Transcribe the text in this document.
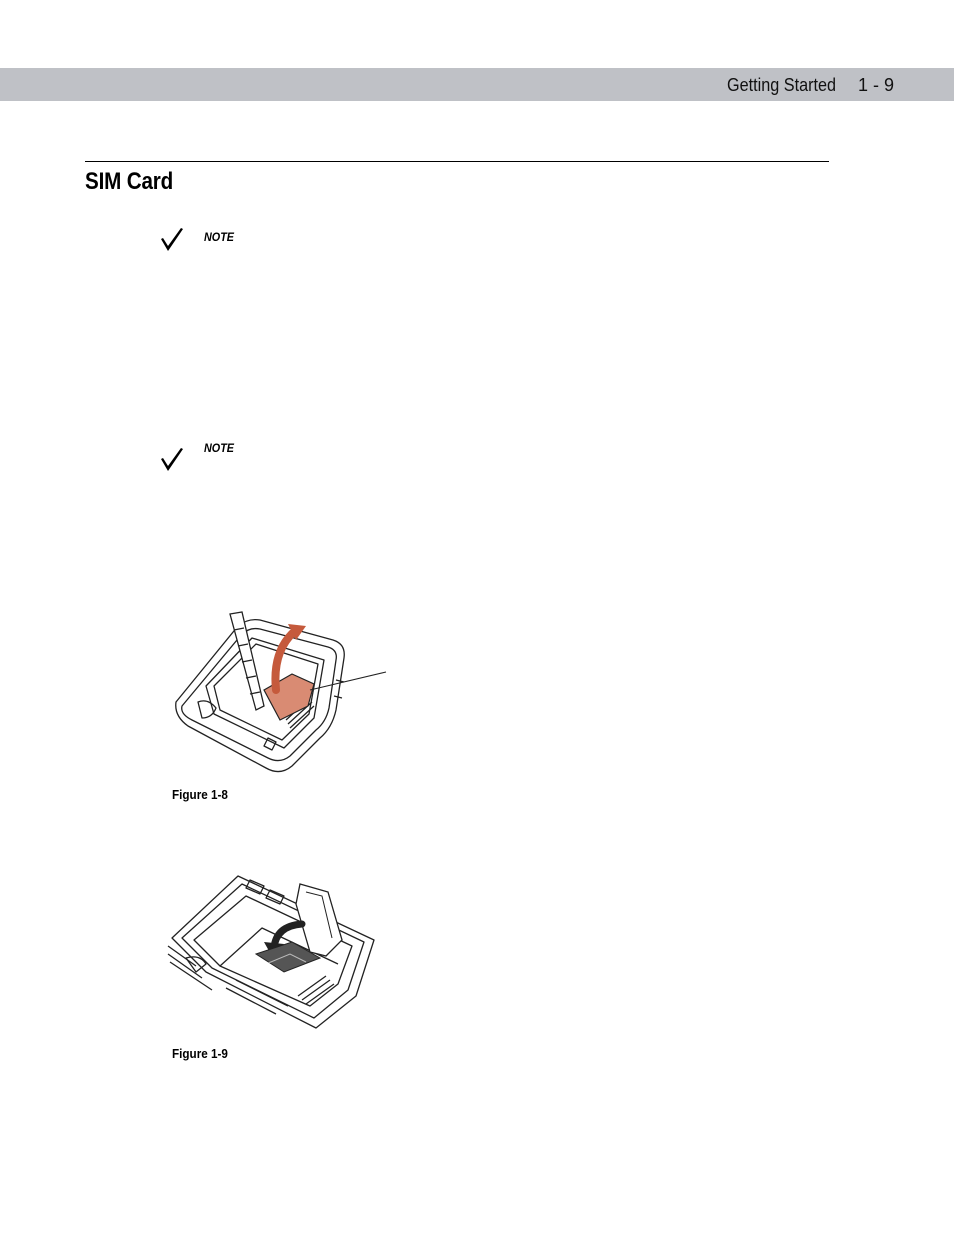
Getting Started	1 - 9
SIM Card
NOTE
NOTE
Figure 1-8
Figure 1-9
